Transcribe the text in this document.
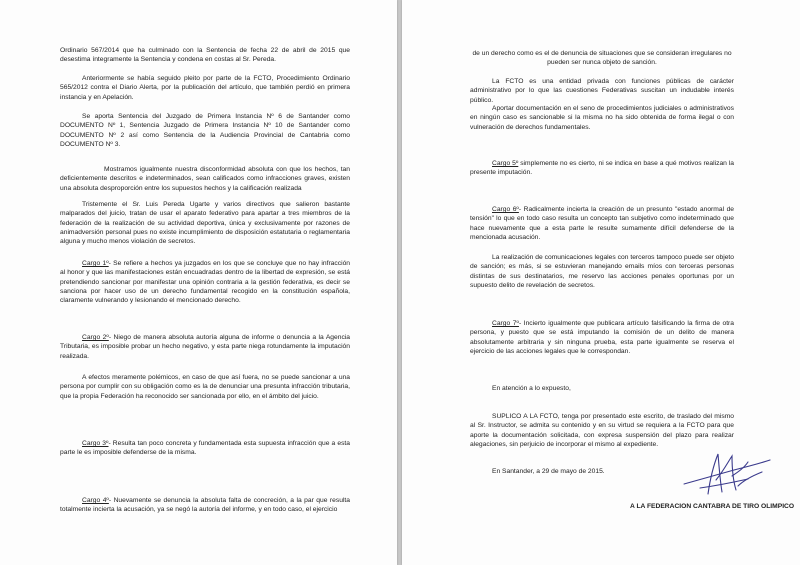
Ordinario 567/2014 que ha culminado con la Sentencia de fecha 22 de abril de 2015 que desestima íntegramente la Sentencia y condena en costas al Sr. Pereda.

Anteriormente se había seguido pleito por parte de la FCTO, Procedimiento Ordinario 565/2012 contra el Diario Alerta, por la publicación del artículo, que también perdió en primera instancia y en Apelación.

Se aporta Sentencia del Juzgado de Primera Instancia Nº 6 de Santander como DOCUMENTO Nº 1, Sentencia Juzgado de Primera Instancia Nº 10 de Santander como DOCUMENTO Nº 2 así como Sentencia de la Audiencia Provincial de Cantabria como DOCUMENTO Nº 3.

Mostramos igualmente nuestra disconformidad absoluta con que los hechos, tan deficientemente descritos e indeterminados, sean calificados como infracciones graves, existen una absoluta desproporción entre los supuestos hechos y la calificación realizada

Tristemente el Sr. Luis Pereda Ugarte y varios directivos que salieron bastante malparados del juicio, tratan de usar el aparato federativo para apartar a tres miembros de la federación de la realización de su actividad deportiva, única y exclusivamente por razones de animadversión personal pues no existe incumplimiento de disposición estatutaria o reglamentaria alguna y mucho menos violación de secretos.

Cargo 1º- Se refiere a hechos ya juzgados en los que se concluye que no hay infracción al honor y que las manifestaciones están encuadradas dentro de la libertad de expresión, se está pretendiendo sancionar por manifestar una opinión contraria a la gestión federativa, es decir se sanciona por hacer uso de un derecho fundamental recogido en la constitución española, claramente vulnerando y lesionando el mencionado derecho.

Cargo 2º- Niego de manera absoluta autoría alguna de informe o denuncia a la Agencia Tributaria, es imposible probar un hecho negativo, y esta parte niega rotundamente la imputación realizada.

A efectos meramente polémicos, en caso de que así fuera, no se puede sancionar a una persona por cumplir con su obligación como es la de denunciar una presunta infracción tributaria, que la propia Federación ha reconocido ser sancionada por ello, en el ámbito del juicio.

Cargo 3º- Resulta tan poco concreta y fundamentada esta supuesta infracción que a esta parte le es imposible defenderse de la misma.

Cargo 4º- Nuevamente se denuncia la absoluta falta de concreción, a la par que resulta totalmente incierta la acusación, ya se negó la autoría del informe, y en todo caso, el ejercicio

de un derecho como es el de denuncia de situaciones que se consideran irregulares no pueden ser nunca objeto de sanción.

La FCTO es una entidad privada con funciones públicas de carácter administrativo por lo que las cuestiones Federativas suscitan un indudable interés público.

Aportar documentación en el seno de procedimientos judiciales o administrativos en ningún caso es sancionable si la misma no ha sido obtenida de forma ilegal o con vulneración de derechos fundamentales.

Cargo 5º simplemente no es cierto, ni se indica en base a qué motivos realizan la presente imputación.

Cargo 6º- Radicalmente incierta la creación de un presunto "estado anormal de tensión" lo que en todo caso resulta un concepto tan subjetivo como indeterminado que hace nuevamente que a esta parte le resulte sumamente difícil defenderse de la mencionada acusación.

La realización de comunicaciones legales con terceros tampoco puede ser objeto de sanción; es más, si se estuvieran manejando emails míos con terceras personas distintas de sus destinatarios, me reservo las acciones penales oportunas por un supuesto delito de revelación de secretos.

Cargo 7º- Incierto igualmente que publicara artículo falsificando la firma de otra persona, y puesto que se está imputando la comisión de un delito de manera absolutamente arbitraria y sin ninguna prueba, esta parte igualmente se reserva el ejercicio de las acciones legales que le correspondan.

En atención a lo expuesto,

SUPLICO A LA FCTO, tenga por presentado este escrito, de traslado del mismo al Sr. Instructor, se admita su contenido y en su virtud se requiera a la FCTO para que aporte la documentación solicitada, con expresa suspensión del plazo para realizar alegaciones, sin perjuicio de incorporar el mismo al expediente.

En Santander, a 29 de mayo de 2015.

A LA FEDERACION CANTABRA DE TIRO OLIMPICO
